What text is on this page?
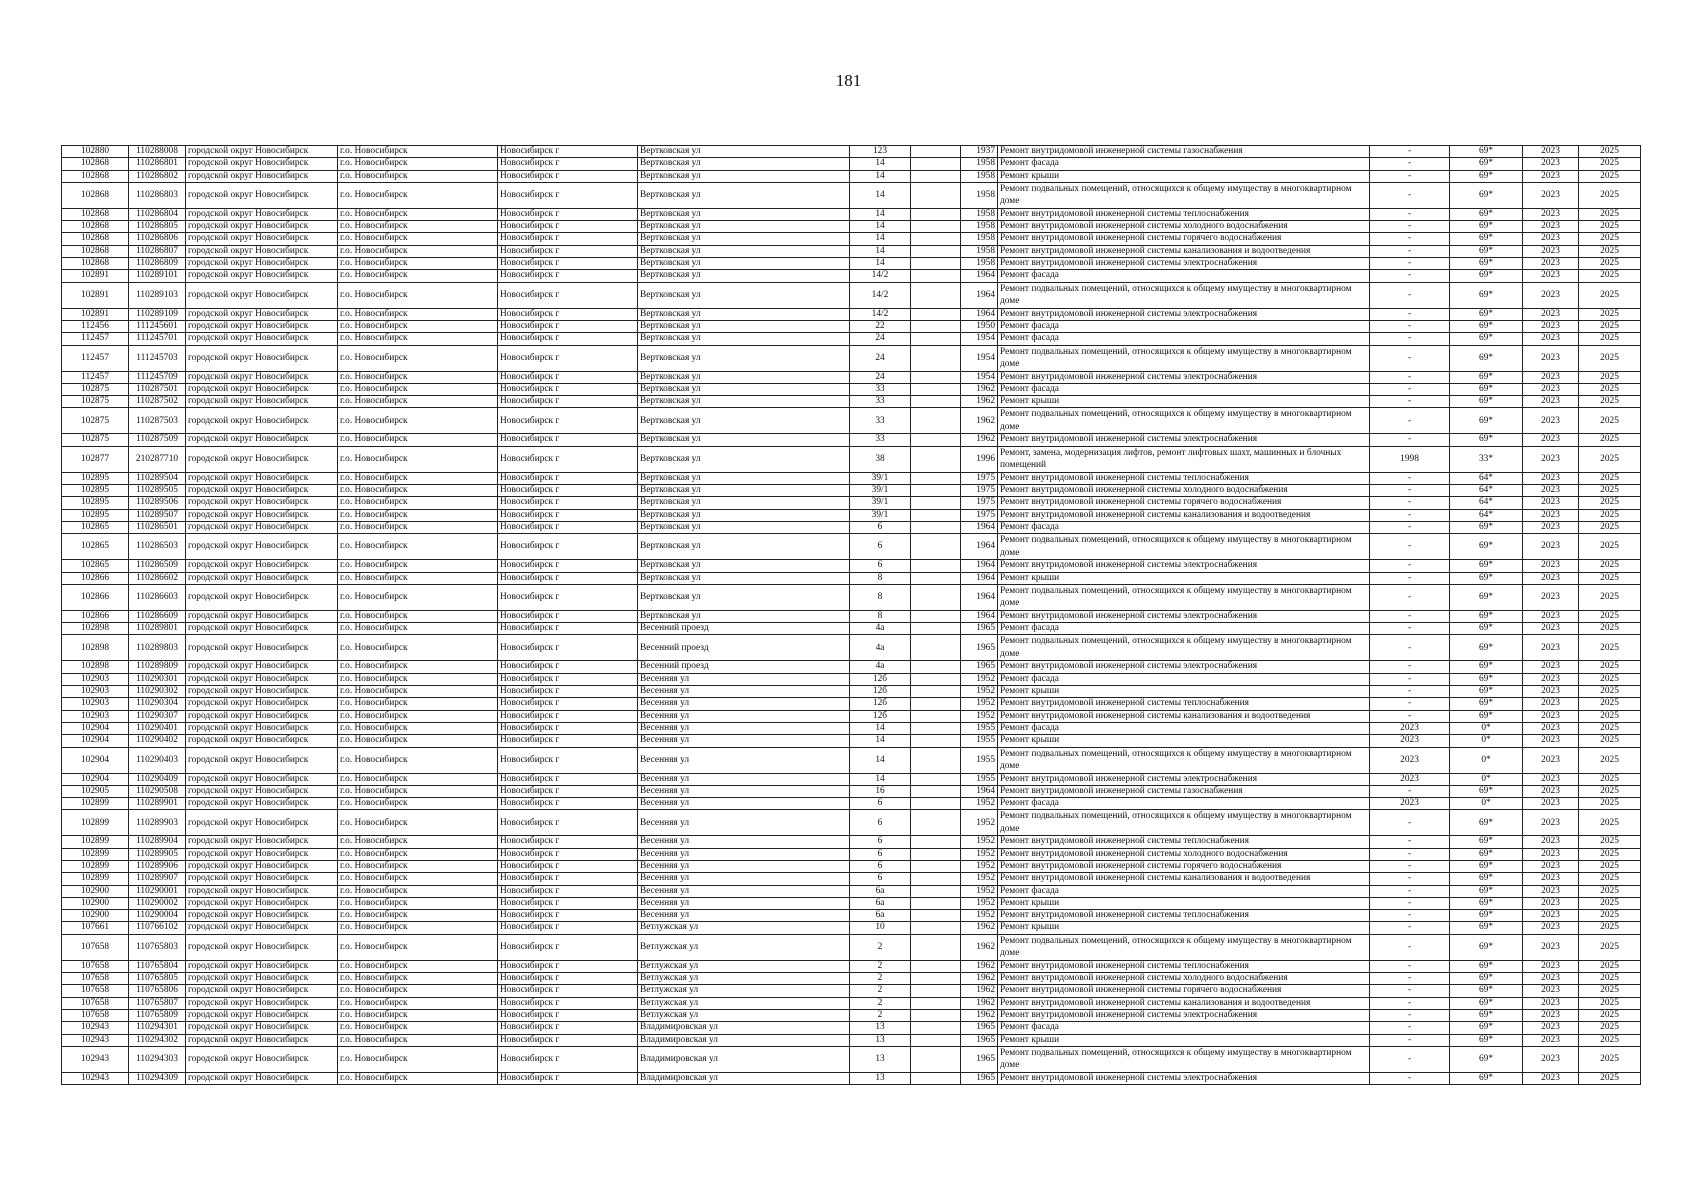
181
102880	110288008	городской округ Новосибирск	г.о. Новосибирск	Новосибирск г	Вертковская ул	123		1937	Ремонт внутридомовой инженерной системы газоснабжения	-	69*	2023	2025
102868	110286801	городской округ Новосибирск	г.о. Новосибирск	Новосибирск г	Вертковская ул	14		1958	Ремонт фасада	-	69*	2023	2025
102868	110286802	городской округ Новосибирск	г.о. Новосибирск	Новосибирск г	Вертковская ул	14		1958	Ремонт крыши	-	69*	2023	2025
102868	110286803	городской округ Новосибирск	г.о. Новосибирск	Новосибирск г	Вертковская ул	14		1958	Ремонт подвальных помещений, относящихся к общему имуществу в многоквартирном доме	-	69*	2023	2025
102868	110286804	городской округ Новосибирск	г.о. Новосибирск	Новосибирск г	Вертковская ул	14		1958	Ремонт внутридомовой инженерной системы теплоснабжения	-	69*	2023	2025
102868	110286805	городской округ Новосибирск	г.о. Новосибирск	Новосибирск г	Вертковская ул	14		1958	Ремонт внутридомовой инженерной системы холодного водоснабжения	-	69*	2023	2025
102868	110286806	городской округ Новосибирск	г.о. Новосибирск	Новосибирск г	Вертковская ул	14		1958	Ремонт внутридомовой инженерной системы горячего водоснабжения	-	69*	2023	2025
102868	110286807	городской округ Новосибирск	г.о. Новосибирск	Новосибирск г	Вертковская ул	14		1958	Ремонт внутридомовой инженерной системы канализования и водоотведения	-	69*	2023	2025
102868	110286809	городской округ Новосибирск	г.о. Новосибирск	Новосибирск г	Вертковская ул	14		1958	Ремонт внутридомовой инженерной системы электроснабжения	-	69*	2023	2025
102891	110289101	городской округ Новосибирск	г.о. Новосибирск	Новосибирск г	Вертковская ул	14/2		1964	Ремонт фасада	-	69*	2023	2025
102891	110289103	городской округ Новосибирск	г.о. Новосибирск	Новосибирск г	Вертковская ул	14/2		1964	Ремонт подвальных помещений, относящихся к общему имуществу в многоквартирном доме	-	69*	2023	2025
102891	110289109	городской округ Новосибирск	г.о. Новосибирск	Новосибирск г	Вертковская ул	14/2		1964	Ремонт внутридомовой инженерной системы электроснабжения	-	69*	2023	2025
112456	111245601	городской округ Новосибирск	г.о. Новосибирск	Новосибирск г	Вертковская ул	22		1950	Ремонт фасада	-	69*	2023	2025
112457	111245701	городской округ Новосибирск	г.о. Новосибирск	Новосибирск г	Вертковская ул	24		1954	Ремонт фасада	-	69*	2023	2025
112457	111245703	городской округ Новосибирск	г.о. Новосибирск	Новосибирск г	Вертковская ул	24		1954	Ремонт подвальных помещений, относящихся к общему имуществу в многоквартирном доме	-	69*	2023	2025
112457	111245709	городской округ Новосибирск	г.о. Новосибирск	Новосибирск г	Вертковская ул	24		1954	Ремонт внутридомовой инженерной системы электроснабжения	-	69*	2023	2025
102875	110287501	городской округ Новосибирск	г.о. Новосибирск	Новосибирск г	Вертковская ул	33		1962	Ремонт фасада	-	69*	2023	2025
102875	110287502	городской округ Новосибирск	г.о. Новосибирск	Новосибирск г	Вертковская ул	33		1962	Ремонт крыши	-	69*	2023	2025
102875	110287503	городской округ Новосибирск	г.о. Новосибирск	Новосибирск г	Вертковская ул	33		1962	Ремонт подвальных помещений, относящихся к общему имуществу в многоквартирном доме	-	69*	2023	2025
102875	110287509	городской округ Новосибирск	г.о. Новосибирск	Новосибирск г	Вертковская ул	33		1962	Ремонт внутридомовой инженерной системы электроснабжения	-	69*	2023	2025
102877	210287710	городской округ Новосибирск	г.о. Новосибирск	Новосибирск г	Вертковская ул	38		1996	Ремонт, замена, модернизация лифтов, ремонт лифтовых шахт, машинных и блочных помещений	1998	33*	2023	2025
102895	110289504	городской округ Новосибирск	г.о. Новосибирск	Новосибирск г	Вертковская ул	39/1		1975	Ремонт внутридомовой инженерной системы теплоснабжения	-	64*	2023	2025
102895	110289505	городской округ Новосибирск	г.о. Новосибирск	Новосибирск г	Вертковская ул	39/1		1975	Ремонт внутридомовой инженерной системы холодного водоснабжения	-	64*	2023	2025
102895	110289506	городской округ Новосибирск	г.о. Новосибирск	Новосибирск г	Вертковская ул	39/1		1975	Ремонт внутридомовой инженерной системы горячего водоснабжения	-	64*	2023	2025
102895	110289507	городской округ Новосибирск	г.о. Новосибирск	Новосибирск г	Вертковская ул	39/1		1975	Ремонт внутридомовой инженерной системы канализования и водоотведения	-	64*	2023	2025
102865	110286501	городской округ Новосибирск	г.о. Новосибирск	Новосибирск г	Вертковская ул	6		1964	Ремонт фасада	-	69*	2023	2025
102865	110286503	городской округ Новосибирск	г.о. Новосибирск	Новосибирск г	Вертковская ул	6		1964	Ремонт подвальных помещений, относящихся к общему имуществу в многоквартирном доме	-	69*	2023	2025
102865	110286509	городской округ Новосибирск	г.о. Новосибирск	Новосибирск г	Вертковская ул	6		1964	Ремонт внутридомовой инженерной системы электроснабжения	-	69*	2023	2025
102866	110286602	городской округ Новосибирск	г.о. Новосибирск	Новосибирск г	Вертковская ул	8		1964	Ремонт крыши	-	69*	2023	2025
102866	110286603	городской округ Новосибирск	г.о. Новосибирск	Новосибирск г	Вертковская ул	8		1964	Ремонт подвальных помещений, относящихся к общему имуществу в многоквартирном доме	-	69*	2023	2025
102866	110286609	городской округ Новосибирск	г.о. Новосибирск	Новосибирск г	Вертковская ул	8		1964	Ремонт внутридомовой инженерной системы электроснабжения	-	69*	2023	2025
102898	110289801	городской округ Новосибирск	г.о. Новосибирск	Новосибирск г	Весенний проезд	4а		1965	Ремонт фасада	-	69*	2023	2025
102898	110289803	городской округ Новосибирск	г.о. Новосибирск	Новосибирск г	Весенний проезд	4а		1965	Ремонт подвальных помещений, относящихся к общему имуществу в многоквартирном доме	-	69*	2023	2025
102898	110289809	городской округ Новосибирск	г.о. Новосибирск	Новосибирск г	Весенний проезд	4а		1965	Ремонт внутридомовой инженерной системы электроснабжения	-	69*	2023	2025
102903	110290301	городской округ Новосибирск	г.о. Новосибирск	Новосибирск г	Весенняя ул	12б		1952	Ремонт фасада	-	69*	2023	2025
102903	110290302	городской округ Новосибирск	г.о. Новосибирск	Новосибирск г	Весенняя ул	12б		1952	Ремонт крыши	-	69*	2023	2025
102903	110290304	городской округ Новосибирск	г.о. Новосибирск	Новосибирск г	Весенняя ул	12б		1952	Ремонт внутридомовой инженерной системы теплоснабжения	-	69*	2023	2025
102903	110290307	городской округ Новосибирск	г.о. Новосибирск	Новосибирск г	Весенняя ул	12б		1952	Ремонт внутридомовой инженерной системы канализования и водоотведения	-	69*	2023	2025
102904	110290401	городской округ Новосибирск	г.о. Новосибирск	Новосибирск г	Весенняя ул	14		1955	Ремонт фасада	2023	0*	2023	2025
102904	110290402	городской округ Новосибирск	г.о. Новосибирск	Новосибирск г	Весенняя ул	14		1955	Ремонт крыши	2023	0*	2023	2025
102904	110290403	городской округ Новосибирск	г.о. Новосибирск	Новосибирск г	Весенняя ул	14		1955	Ремонт подвальных помещений, относящихся к общему имуществу в многоквартирном доме	2023	0*	2023	2025
102904	110290409	городской округ Новосибирск	г.о. Новосибирск	Новосибирск г	Весенняя ул	14		1955	Ремонт внутридомовой инженерной системы электроснабжения	2023	0*	2023	2025
102905	110290508	городской округ Новосибирск	г.о. Новосибирск	Новосибирск г	Весенняя ул	16		1964	Ремонт внутридомовой инженерной системы газоснабжения	-	69*	2023	2025
102899	110289901	городской округ Новосибирск	г.о. Новосибирск	Новосибирск г	Весенняя ул	6		1952	Ремонт фасада	2023	0*	2023	2025
102899	110289903	городской округ Новосибирск	г.о. Новосибирск	Новосибирск г	Весенняя ул	6		1952	Ремонт подвальных помещений, относящихся к общему имуществу в многоквартирном доме	-	69*	2023	2025
102899	110289904	городской округ Новосибирск	г.о. Новосибирск	Новосибирск г	Весенняя ул	6		1952	Ремонт внутридомовой инженерной системы теплоснабжения	-	69*	2023	2025
102899	110289905	городской округ Новосибирск	г.о. Новосибирск	Новосибирск г	Весенняя ул	6		1952	Ремонт внутридомовой инженерной системы холодного водоснабжения	-	69*	2023	2025
102899	110289906	городской округ Новосибирск	г.о. Новосибирск	Новосибирск г	Весенняя ул	6		1952	Ремонт внутридомовой инженерной системы горячего водоснабжения	-	69*	2023	2025
102899	110289907	городской округ Новосибирск	г.о. Новосибирск	Новосибирск г	Весенняя ул	6		1952	Ремонт внутридомовой инженерной системы канализования и водоотведения	-	69*	2023	2025
102900	110290001	городской округ Новосибирск	г.о. Новосибирск	Новосибирск г	Весенняя ул	6а		1952	Ремонт фасада	-	69*	2023	2025
102900	110290002	городской округ Новосибирск	г.о. Новосибирск	Новосибирск г	Весенняя ул	6а		1952	Ремонт крыши	-	69*	2023	2025
102900	110290004	городской округ Новосибирск	г.о. Новосибирск	Новосибирск г	Весенняя ул	6а		1952	Ремонт внутридомовой инженерной системы теплоснабжения	-	69*	2023	2025
107661	110766102	городской округ Новосибирск	г.о. Новосибирск	Новосибирск г	Ветлужская ул	10		1962	Ремонт крыши	-	69*	2023	2025
107658	110765803	городской округ Новосибирск	г.о. Новосибирск	Новосибирск г	Ветлужская ул	2		1962	Ремонт подвальных помещений, относящихся к общему имуществу в многоквартирном доме	-	69*	2023	2025
107658	110765804	городской округ Новосибирск	г.о. Новосибирск	Новосибирск г	Ветлужская ул	2		1962	Ремонт внутридомовой инженерной системы теплоснабжения	-	69*	2023	2025
107658	110765805	городской округ Новосибирск	г.о. Новосибирск	Новосибирск г	Ветлужская ул	2		1962	Ремонт внутридомовой инженерной системы холодного водоснабжения	-	69*	2023	2025
107658	110765806	городской округ Новосибирск	г.о. Новосибирск	Новосибирск г	Ветлужская ул	2		1962	Ремонт внутридомовой инженерной системы горячего водоснабжения	-	69*	2023	2025
107658	110765807	городской округ Новосибирск	г.о. Новосибирск	Новосибирск г	Ветлужская ул	2		1962	Ремонт внутридомовой инженерной системы канализования и водоотведения	-	69*	2023	2025
107658	110765809	городской округ Новосибирск	г.о. Новосибирск	Новосибирск г	Ветлужская ул	2		1962	Ремонт внутридомовой инженерной системы электроснабжения	-	69*	2023	2025
102943	110294301	городской округ Новосибирск	г.о. Новосибирск	Новосибирск г	Владимировская ул	13		1965	Ремонт фасада	-	69*	2023	2025
102943	110294302	городской округ Новосибирск	г.о. Новосибирск	Новосибирск г	Владимировская ул	13		1965	Ремонт крыши	-	69*	2023	2025
102943	110294303	городской округ Новосибирск	г.о. Новосибирск	Новосибирск г	Владимировская ул	13		1965	Ремонт подвальных помещений, относящихся к общему имуществу в многоквартирном доме	-	69*	2023	2025
102943	110294309	городской округ Новосибирск	г.о. Новосибирск	Новосибирск г	Владимировская ул	13		1965	Ремонт внутридомовой инженерной системы электроснабжения	-	69*	2023	2025
